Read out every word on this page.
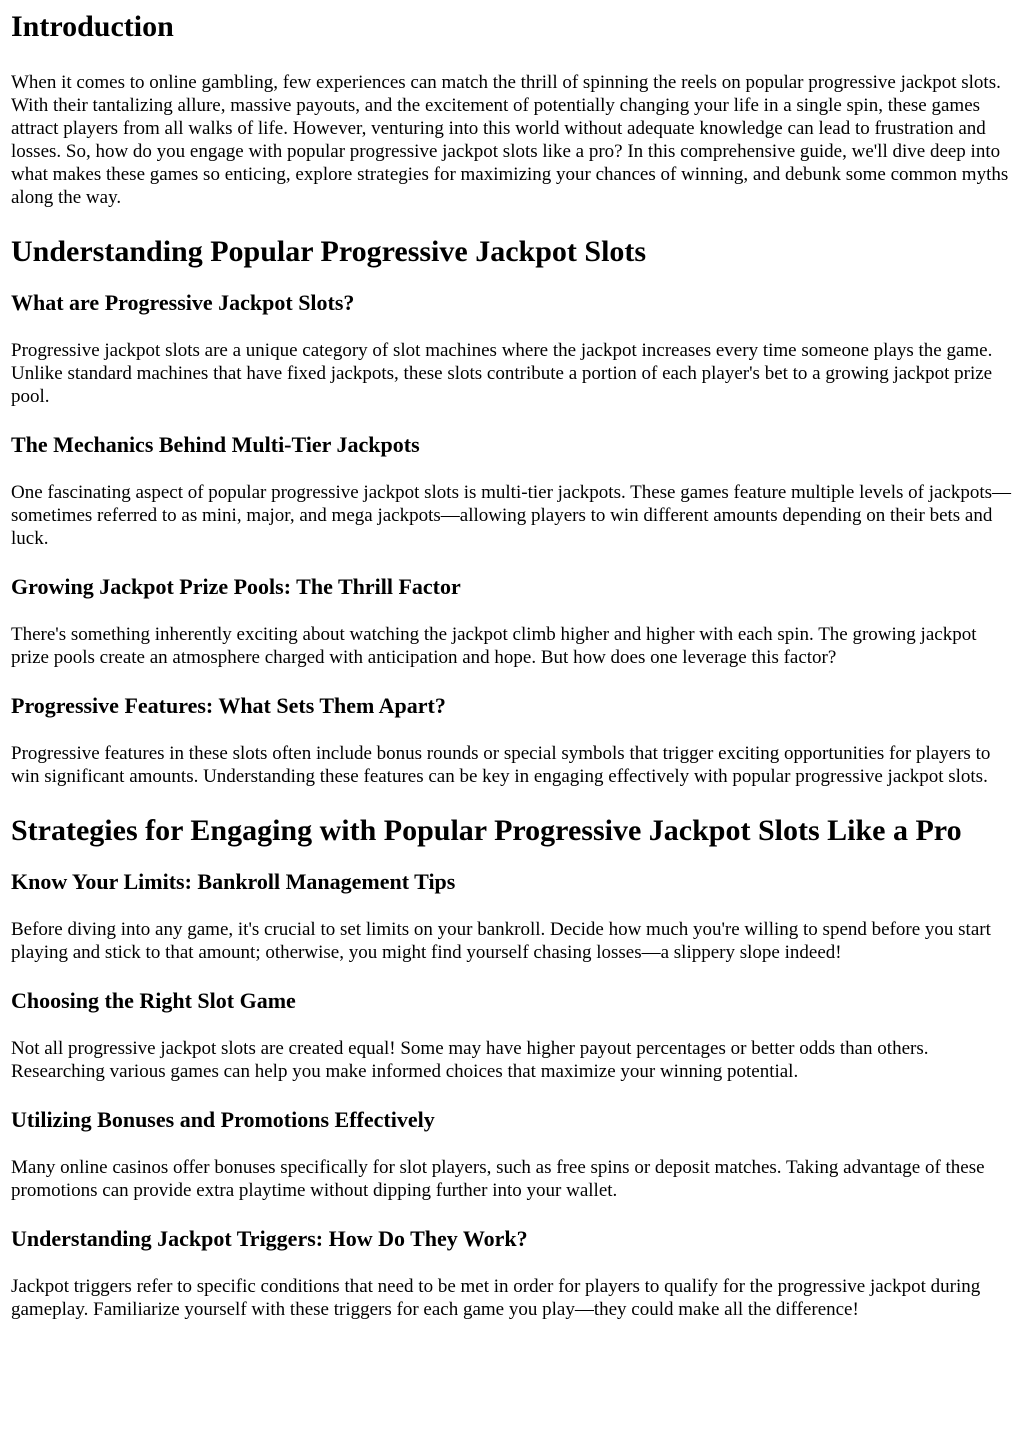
Introduction

When it comes to online gambling, few experiences can match the thrill of spinning the reels on popular progressive jackpot slots. With their tantalizing allure, massive payouts, and the excitement of potentially changing your life in a single spin, these games attract players from all walks of life. However, venturing into this world without adequate knowledge can lead to frustration and losses. So, how do you engage with popular progressive jackpot slots like a pro? In this comprehensive guide, we'll dive deep into what makes these games so enticing, explore strategies for maximizing your chances of winning, and debunk some common myths along the way.

Understanding Popular Progressive Jackpot Slots
What are Progressive Jackpot Slots?

Progressive jackpot slots are a unique category of slot machines where the jackpot increases every time someone plays the game. Unlike standard machines that have fixed jackpots, these slots contribute a portion of each player's bet to a growing jackpot prize pool.

The Mechanics Behind Multi-Tier Jackpots

One fascinating aspect of popular progressive jackpot slots is multi-tier jackpots. These games feature multiple levels of jackpots—sometimes referred to as mini, major, and mega jackpots—allowing players to win different amounts depending on their bets and luck.

Growing Jackpot Prize Pools: The Thrill Factor

There's something inherently exciting about watching the jackpot climb higher and higher with each spin. The growing jackpot prize pools create an atmosphere charged with anticipation and hope. But how does one leverage this factor?

Progressive Features: What Sets Them Apart?

Progressive features in these slots often include bonus rounds or special symbols that trigger exciting opportunities for players to win significant amounts. Understanding these features can be key in engaging effectively with popular progressive jackpot slots.

Strategies for Engaging with Popular Progressive Jackpot Slots Like a Pro
Know Your Limits: Bankroll Management Tips

Before diving into any game, it's crucial to set limits on your bankroll. Decide how much you're willing to spend before you start playing and stick to that amount; otherwise, you might find yourself chasing losses—a slippery slope indeed!

Choosing the Right Slot Game

Not all progressive jackpot slots are created equal! Some may have higher payout percentages or better odds than others. Researching various games can help you make informed choices that maximize your winning potential.

Utilizing Bonuses and Promotions Effectively

Many online casinos offer bonuses specifically for slot players, such as free spins or deposit matches. Taking advantage of these promotions can provide extra playtime without dipping further into your wallet.

Understanding Jackpot Triggers: How Do They Work?

Jackpot triggers refer to specific conditions that need to be met in order for players to qualify for the progressive jackpot during gameplay. Familiarize yourself with these triggers for each game you play—they could make all the difference!
